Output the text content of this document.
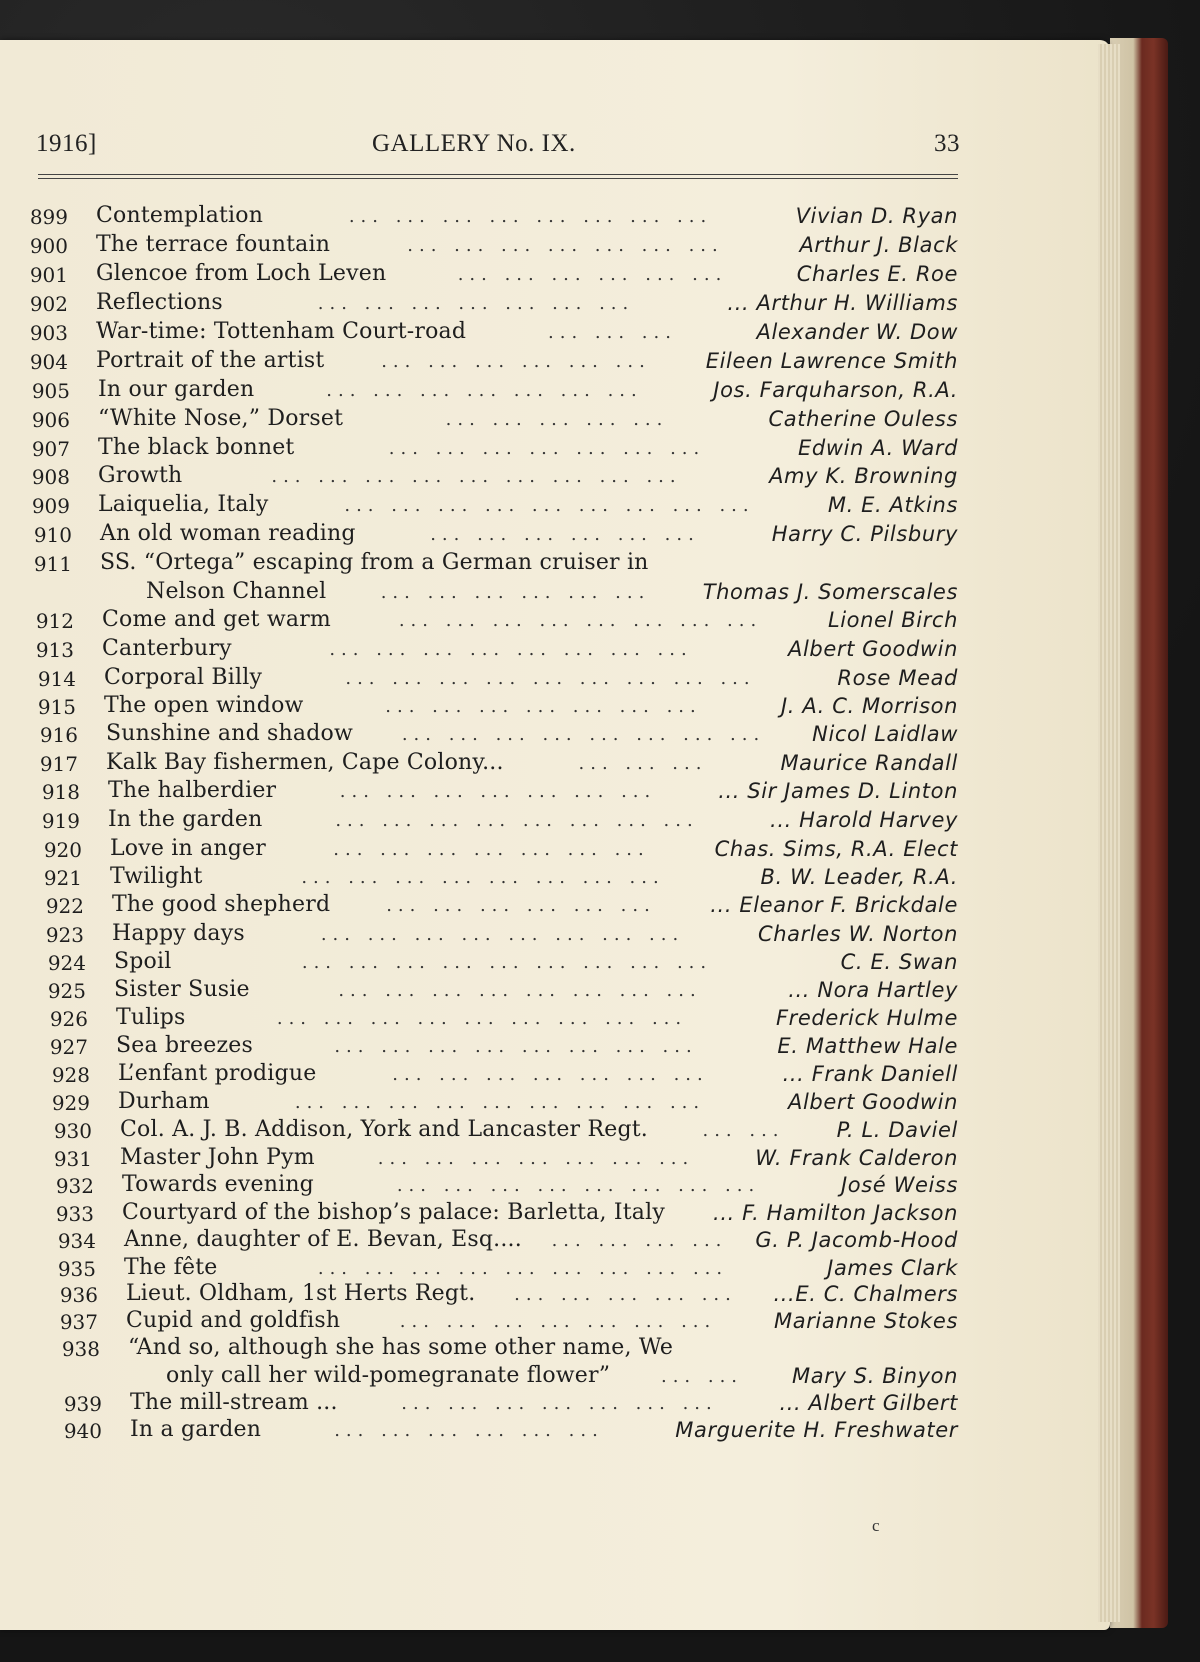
1916]	GALLERY No. IX.	33
899 Contemplation	... ... ... ... ... ... ... ...	Vivian D. Ryan
900 The terrace fountain	... ... ... ... ... ... ...	Arthur J. Black
901 Glencoe from Loch Leven	... ... ... ... ... ...	Charles E. Roe
902 Reflections	... ... ... ... ... ... ...	... Arthur H. Williams
903 War-time: Tottenham Court-road	... ... ...	Alexander W. Dow
904 Portrait of the artist	... ... ... ... ... ...	Eileen Lawrence Smith
905 In our garden	... ... ... ... ... ... ...	Jos. Farquharson, R.A.
906 “White Nose,” Dorset	... ... ... ... ...	Catherine Ouless
907 The black bonnet	... ... ... ... ... ... ...	Edwin A. Ward
908 Growth	... ... ... ... ... ... ... ... ...	Amy K. Browning
909 Laiquelia, Italy	... ... ... ... ... ... ... ... ...	M. E. Atkins
910 An old woman reading	... ... ... ... ... ...	Harry C. Pilsbury
911 SS. “Ortega” escaping from a German cruiser in
Nelson Channel	... ... ... ... ... ...	Thomas J. Somerscales
912 Come and get warm	... ... ... ... ... ... ... ...	Lionel Birch
913 Canterbury	... ... ... ... ... ... ... ...	Albert Goodwin
914 Corporal Billy	... ... ... ... ... ... ... ... ...	Rose Mead
915 The open window	... ... ... ... ... ... ...	J. A. C. Morrison
916 Sunshine and shadow	... ... ... ... ... ... ... ...	Nicol Laidlaw
917 Kalk Bay fishermen, Cape Colony...	... ... ...	Maurice Randall
918 The halberdier	... ... ... ... ... ... ...	... Sir James D. Linton
919 In the garden	... ... ... ... ... ... ... ...	... Harold Harvey
920 Love in anger	... ... ... ... ... ... ...	Chas. Sims, R.A. Elect
921 Twilight	... ... ... ... ... ... ... ...	B. W. Leader, R.A.
922 The good shepherd	... ... ... ... ... ...	... Eleanor F. Brickdale
923 Happy days	... ... ... ... ... ... ... ...	Charles W. Norton
924 Spoil	... ... ... ... ... ... ... ... ...	C. E. Swan
925 Sister Susie	... ... ... ... ... ... ... ...	... Nora Hartley
926 Tulips	... ... ... ... ... ... ... ... ...	Frederick Hulme
927 Sea breezes	... ... ... ... ... ... ... ...	E. Matthew Hale
928 L’enfant prodigue	... ... ... ... ... ... ...	... Frank Daniell
929 Durham	... ... ... ... ... ... ... ... ...	Albert Goodwin
930 Col. A. J. B. Addison, York and Lancaster Regt.	... ...	P. L. Daviel
931 Master John Pym	... ... ... ... ... ... ...	W. Frank Calderon
932 Towards evening	... ... ... ... ... ... ... ...	José Weiss
933 Courtyard of the bishop’s palace: Barletta, Italy ... F. Hamilton Jackson
934 Anne, daughter of E. Bevan, Esq....	... ... ... ...	G. P. Jacomb-Hood
935 The fête	... ... ... ... ... ... ... ... ...	James Clark
936 Lieut. Oldham, 1st Herts Regt.	... ... ... ... ...	...E. C. Chalmers
937 Cupid and goldfish	... ... ... ... ... ... ...	Marianne Stokes
938 “And so, although she has some other name, We
only call her wild-pomegranate flower”	... ...	Mary S. Binyon
939 The mill-stream ...	... ... ... ... ... ... ...	... Albert Gilbert
940 In a garden	... ... ... ... ... ...	Marguerite H. Freshwater
c
